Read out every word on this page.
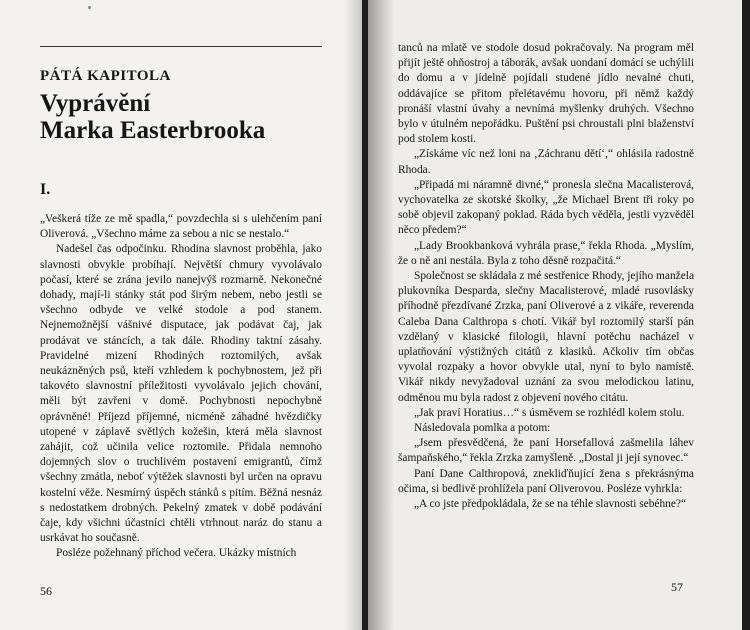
PÁTÁ KAPITOLA
Vyprávění
Marka Easterbrooka
I.

„Veškerá tíže ze mě spadla,“ povzdechla si s ulehčením paní Oliverová. „Všechno máme za sebou a nic se nestalo.“

Nadešel čas odpočinku. Rhodina slavnost proběhla, jako slavnosti obvykle probíhají. Největší chmury vyvolávalo počasí, které se zrána jevilo nanejvýš rozmarně. Nekonečné dohady, mají-li stánky stát pod širým nebem, nebo jestli se všechno odbyde ve velké stodole a pod stanem. Nejnemožnější vášnivé disputace, jak podávat čaj, jak prodávat ve stáncích, a tak dále. Rhodiny taktní zásahy. Pravidelné mizení Rhodiných roztomilých, avšak neukázněných psů, kteří vzhledem k pochybnostem, jež při takovéto slavnostní příležitosti vyvolávalo jejich chování, měli být zavřeni v domě. Pochybnosti nepochybně oprávněné! Příjezd příjemné, nicméně záhadné hvězdičky utopené v záplavě světlých kožešin, která měla slavnost zahájit, což učinila velice roztomile. Přidala nemnoho dojemných slov o truchlivém postavení emigrantů, čímž všechny zmátla, neboť výtěžek slavnosti byl určen na opravu kostelní věže. Nesmírný úspěch stánků s pitím. Běžná nesnáz s nedostatkem drobných. Pekelný zmatek v době podávání čaje, kdy všichni účastníci chtěli vtrhnout naráz do stanu a usrkávat ho současně.

Posléze požehnaný příchod večera. Ukázky místních

56

tanců na mlatě ve stodole dosud pokračovaly. Na program měl přijít ještě ohňostroj a táborák, avšak uondaní domácí se uchýlili do domu a v jídelně pojídali studené jídlo nevalné chuti, oddávajíce se přitom přelétavému hovoru, při němž každý pronáší vlastní úvahy a nevnímá myšlenky druhých. Všechno bylo v útulném nepořádku. Puštění psi chroustali plni blaženství pod stolem kosti.

„Získáme víc než loni na ‚Záchranu dětí‘,“ ohlásila radostně Rhoda.

„Připadá mi náramně divné,“ pronesla slečna Macalisterová, vychovatelka ze skotské školky, „že Michael Brent tři roky po sobě objevil zakopaný poklad. Ráda bych věděla, jestli vyzvěděl něco předem?“

„Lady Brookbanková vyhrála prase,“ řekla Rhoda. „Myslím, že o ně ani nestála. Byla z toho děsně rozpačitá.“

Společnost se skládala z mé sestřenice Rhody, jejího manžela plukovníka Desparda, slečny Macalisterové, mladé rusovlásky příhodně přezdívané Zrzka, paní Oliverové a z vikáře, reverenda Caleba Dana Calthropa s chotí. Vikář byl roztomilý starší pán vzdělaný v klasické filologii, hlavní potěchu nacházel v uplatňování výstižných citátů z klasiků. Ačkoliv tím občas vyvolal rozpaky a hovor obvykle utal, nyní to bylo namístě. Vikář nikdy nevyžadoval uznání za svou melodickou latinu, odměnou mu byla radost z objevení nového citátu.

„Jak praví Horatius…“ s úsměvem se rozhlédl kolem stolu.

Následovala pomlka a potom:

„Jsem přesvědčená, že paní Horsefallová zašmelila láhev šampaňského,“ řekla Zrzka zamyšleně. „Dostal ji její synovec.“

Paní Dane Calthropová, znekliďňující žena s překrásnýma očima, si bedlivě prohlížela paní Oliverovou. Posléze vyhrkla:

„A co jste předpokládala, že se na téhle slavnosti sebéhne?“

57
